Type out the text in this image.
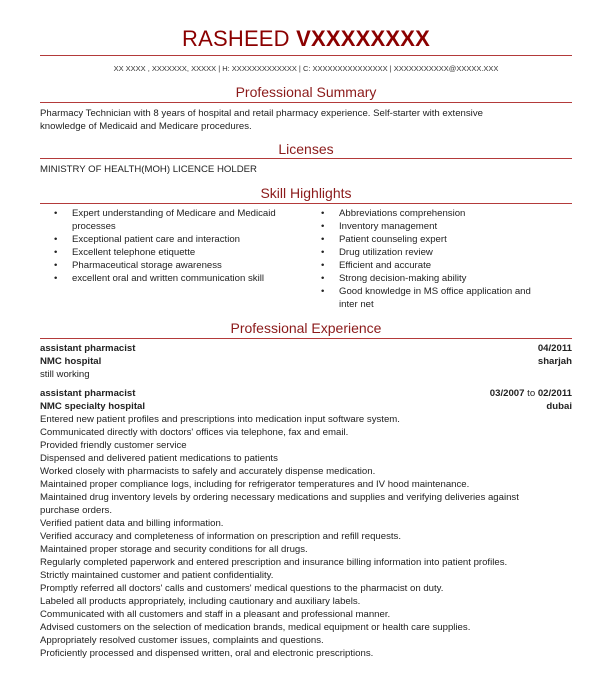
RASHEED VXXXXXXXX
XX XXXX , XXXXXXX, XXXXX | H: XXXXXXXXXXXXX | C: XXXXXXXXXXXXXXX | XXXXXXXXXXX@XXXXX.XXX
Professional Summary
Pharmacy Technician with 8 years of hospital and retail pharmacy experience. Self-starter with extensive
knowledge of Medicaid and Medicare procedures.
Licenses
MINISTRY OF HEALTH(MOH) LICENCE HOLDER
Skill Highlights
• Expert understanding of Medicare and Medicaid
processes
• Exceptional patient care and interaction
• Excellent telephone etiquette
• Pharmaceutical storage awareness
• excellent oral and written communication skill
• Abbreviations comprehension
• Inventory management
• Patient counseling expert
• Drug utilization review
• Efficient and accurate
• Strong decision-making ability
• Good knowledge in MS office application and
inter net
Professional Experience
assistant pharmacist	04/2011
NMC hospital	sharjah
still working
assistant pharmacist	03/2007 to 02/2011
NMC specialty hospital	dubai
Entered new patient profiles and prescriptions into medication input software system.
Communicated directly with doctors' offices via telephone, fax and email.
Provided friendly customer service
Dispensed and delivered patient medications to patients
Worked closely with pharmacists to safely and accurately dispense medication.
Maintained proper compliance logs, including for refrigerator temperatures and IV hood maintenance.
Maintained drug inventory levels by ordering necessary medications and supplies and verifying deliveries against
purchase orders.
Verified patient data and billing information.
Verified accuracy and completeness of information on prescription and refill requests.
Maintained proper storage and security conditions for all drugs.
Regularly completed paperwork and entered prescription and insurance billing information into patient profiles.
Strictly maintained customer and patient confidentiality.
Promptly referred all doctors' calls and customers' medical questions to the pharmacist on duty.
Labeled all products appropriately, including cautionary and auxiliary labels.
Communicated with all customers and staff in a pleasant and professional manner.
Advised customers on the selection of medication brands, medical equipment or health care supplies.
Appropriately resolved customer issues, complaints and questions.
Proficiently processed and dispensed written, oral and electronic prescriptions.
